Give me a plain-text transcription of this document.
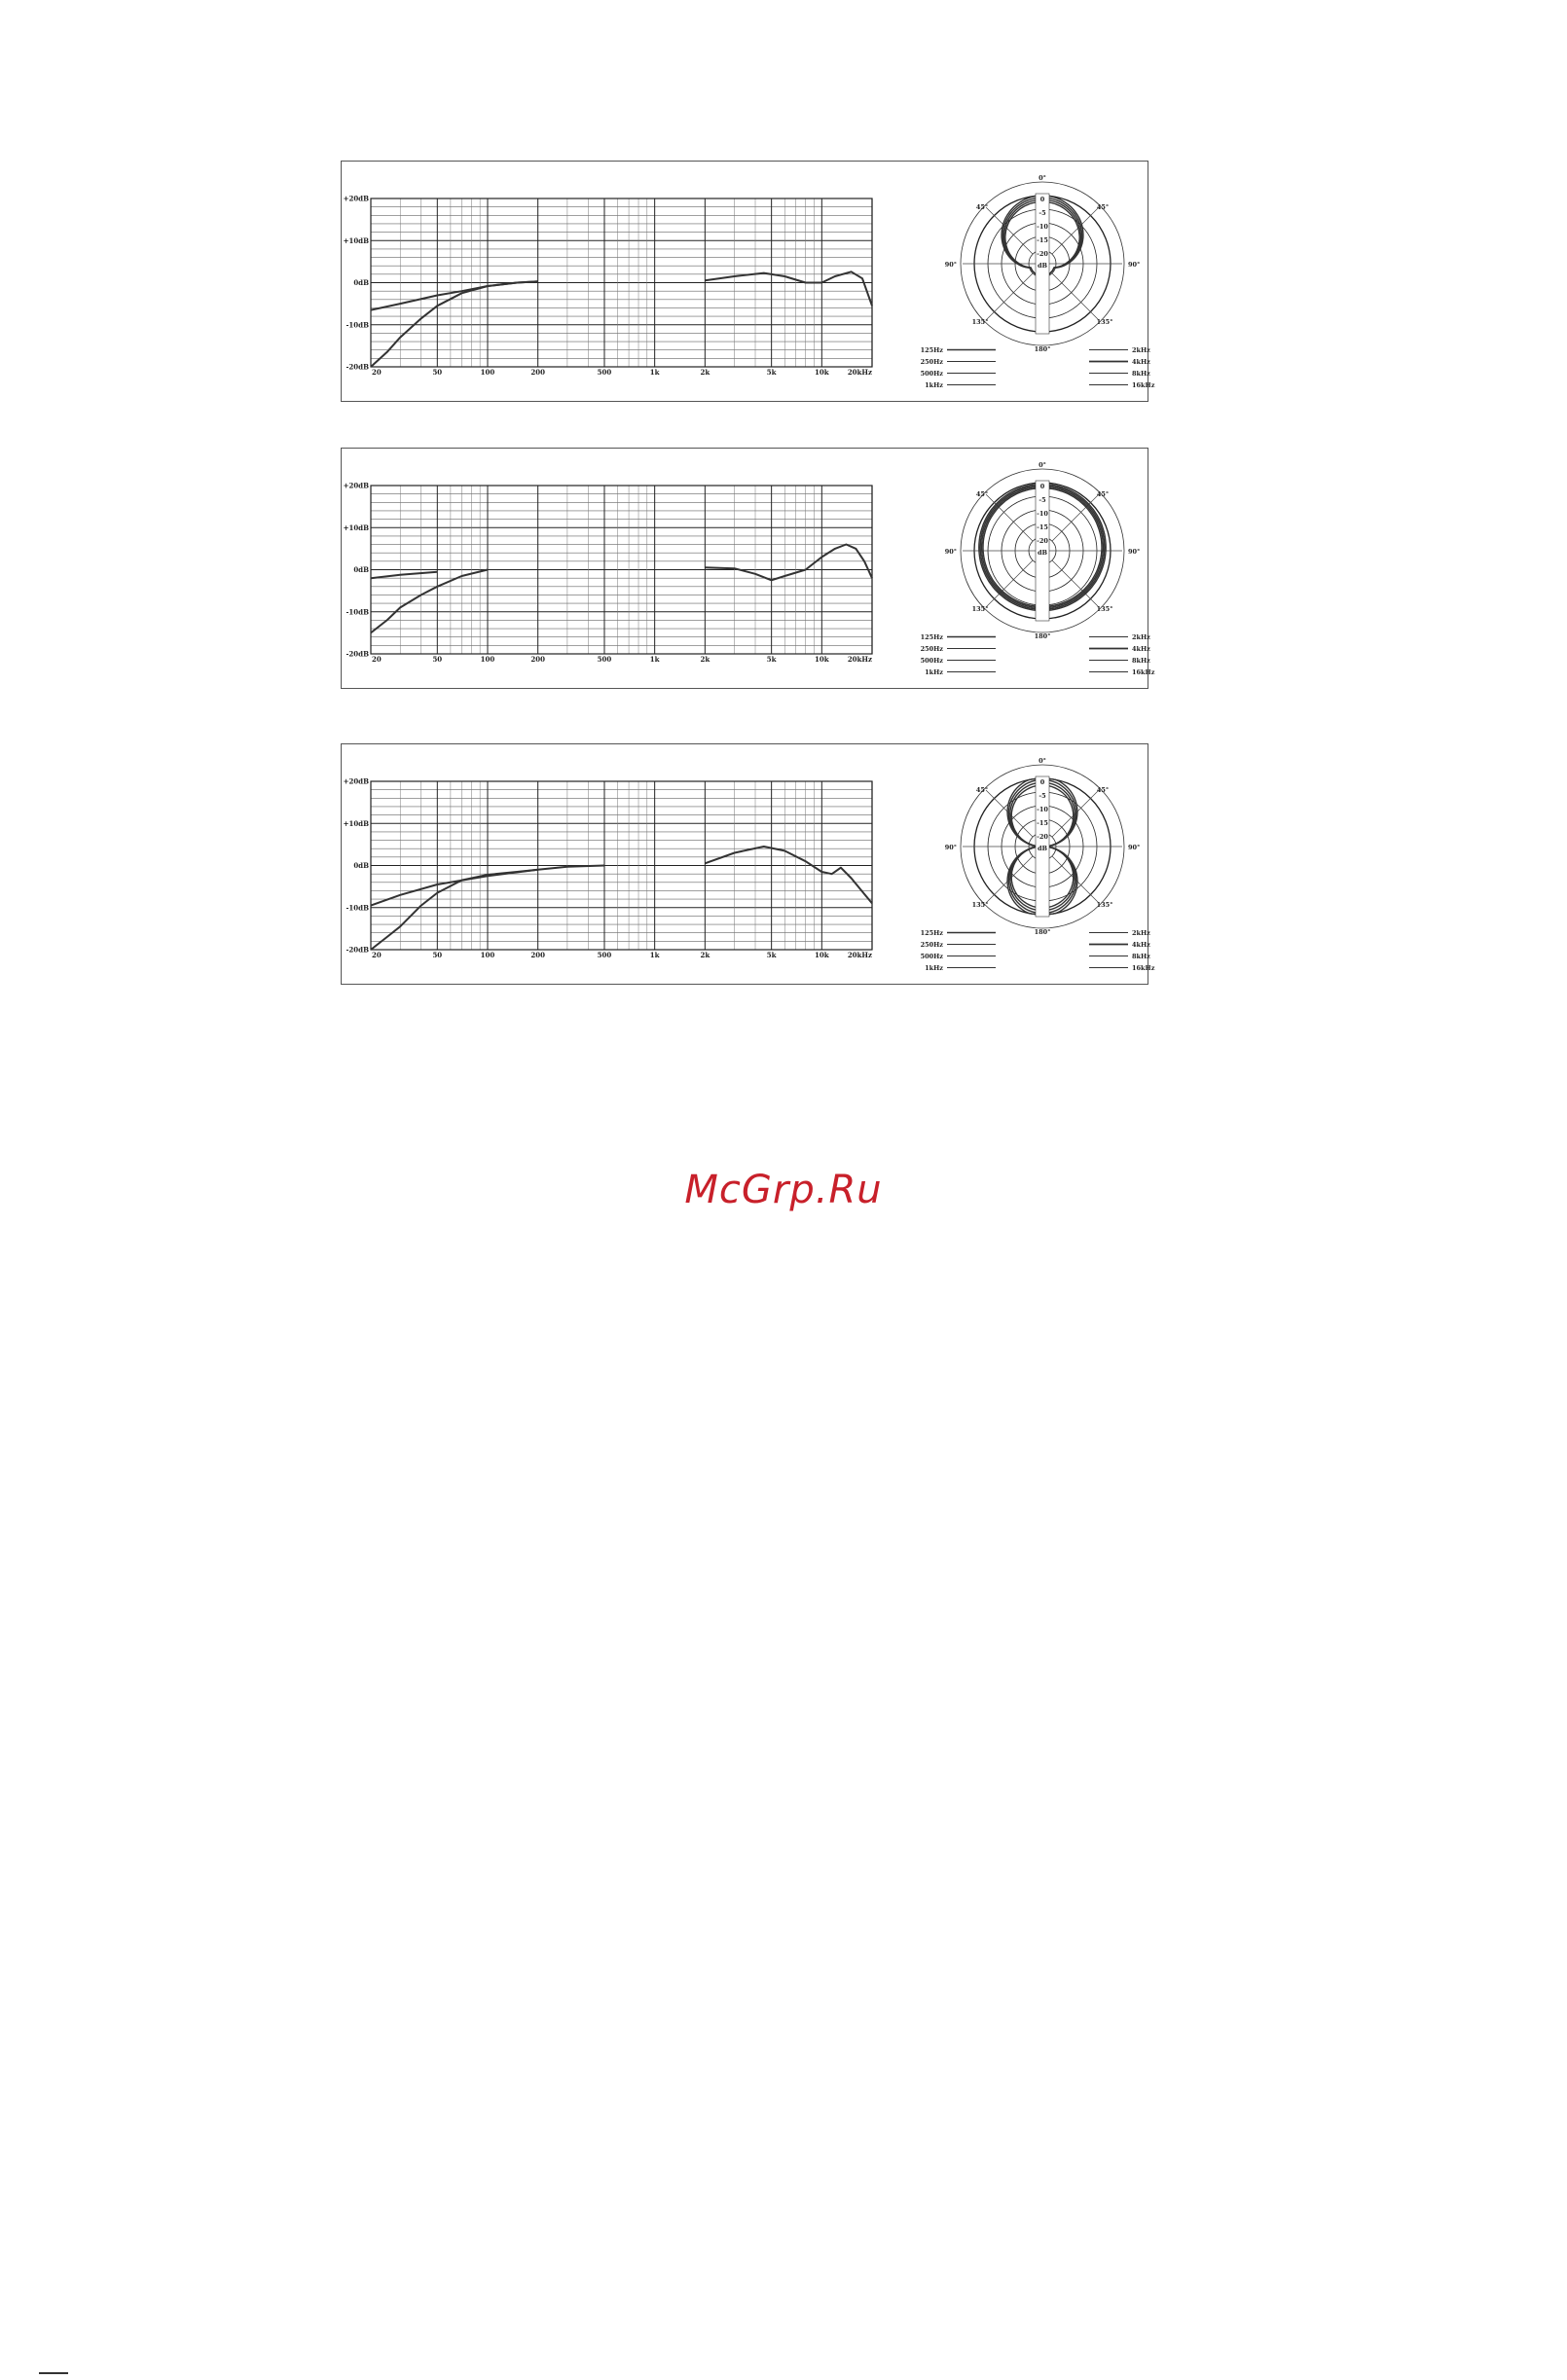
+20dB
+10dB
0dB
-10dB
-20dB
20	50	100	200	500	1k	2k	5k	10k	20kHz
0
-5
-10
-15
-20
dB
0°
45°	45°
90°	90°
135°	135°
180°
125Hz
250Hz
500Hz
1kHz
2kHz
4kHz
8kHz
16kHz
+20dB
+10dB
0dB
-10dB
-20dB
20	50	100	200	500	1k	2k	5k	10k	20kHz
0
-5
-10
-15
-20
dB
0°
45°	45°
90°	90°
135°	135°
180°
125Hz
250Hz
500Hz
1kHz
2kHz
4kHz
8kHz
16kHz
+20dB
+10dB
0dB
-10dB
-20dB
20	50	100	200	500	1k	2k	5k	10k	20kHz
0
-5
-10
-15
-20
dB
0°
45°	45°
90°	90°
135°	135°
180°
125Hz
250Hz
500Hz
1kHz
2kHz
4kHz
8kHz
16kHz
McGrp.Ru
